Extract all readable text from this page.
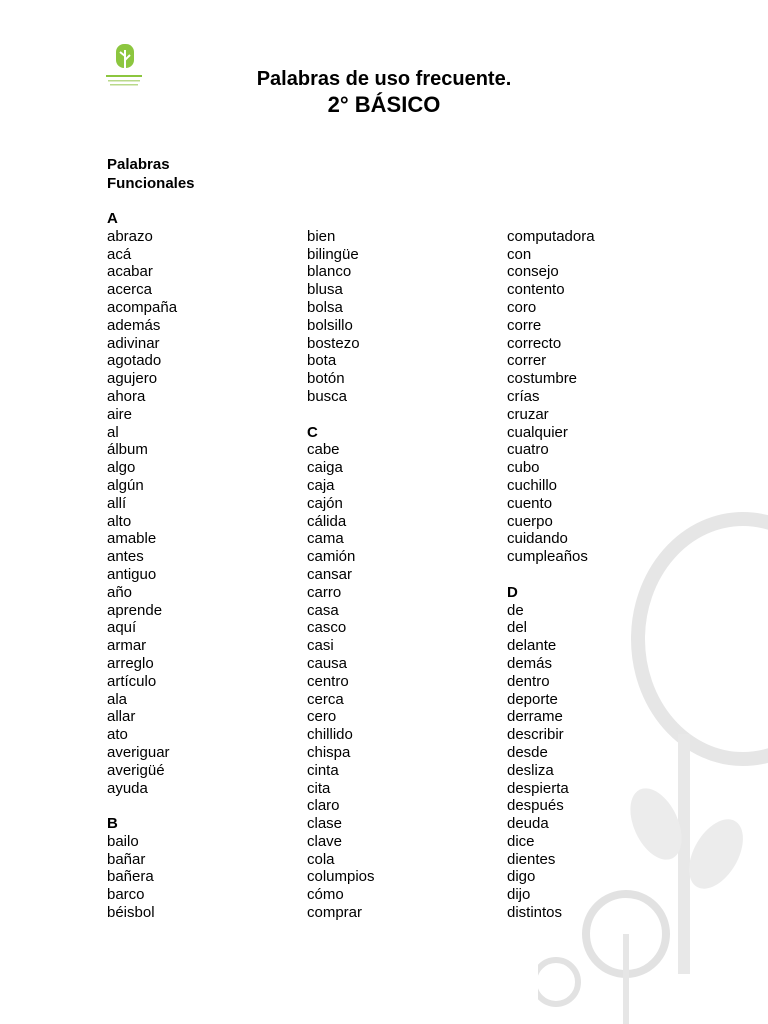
Palabras de uso frecuente.
2° BÁSICO
Palabras
Funcionales
A
abrazo
acá
acabar
acerca
acompaña
además
adivinar
agotado
agujero
ahora
aire
al
álbum
algo
algún
allí
alto
amable
antes
antiguo
año
aprende
aquí
armar
arreglo
artículo
ala
allar
ato
averiguar
averigüé
ayuda
B
bailo
bañar
bañera
barco
béisbol
bien
bilingüe
blanco
blusa
bolsa
bolsillo
bostezo
bota
botón
busca
C
cabe
caiga
caja
cajón
cálida
cama
camión
cansar
carro
casa
casco
casi
causa
centro
cerca
cero
chillido
chispa
cinta
cita
claro
clase
clave
cola
columpios
cómo
comprar
computadora
con
consejo
contento
coro
corre
correcto
correr
costumbre
crías
cruzar
cualquier
cuatro
cubo
cuchillo
cuento
cuerpo
cuidando
cumpleaños
D
de
del
delante
demás
dentro
deporte
derrame
describir
desde
desliza
despierta
después
deuda
dice
dientes
digo
dijo
distintos
